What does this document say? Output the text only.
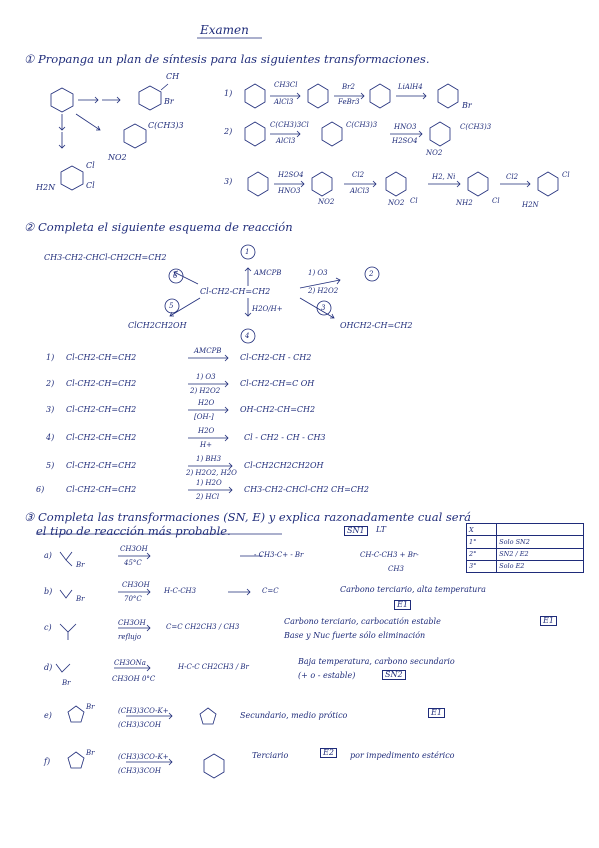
Examen
① Propanga un plan de síntesis para las siguientes transformaciones.
CH
Br
C(CH3)3
NO2
Cl
Cl
H2N
1)
CH3Cl
AlCl3
Br2
FeBr3
LiAlH4
Br
2)
C(CH3)3Cl
AlCl3
C(CH3)3 HNO3
H2SO4
C(CH3)3
NO2
3)
H2SO4
HNO3
NO2
Cl2
AlCl3
NO2 Cl
H2, Ni
NH2	Cl
Cl2
H2N
Cl
② Completa el siguiente esquema de reacción
CH3-CH2-CHCl-CH2CH=CH2
Cl-CH2-CH=CH2
1
2
3
4
5
6	AMCPB	1) O3
2) H2O2
H2O/H+
ClCH2CH2OH	OHCH2-CH=CH2
1) Cl-CH2-CH=CH2
AMCPB
Cl-CH2-CH - CH2
2) Cl-CH2-CH=CH2
1) O3
2) H2O2
Cl-CH2-CH=C OH
3) Cl-CH2-CH=CH2
H2O
[OH-]
OH-CH2-CH=CH2
4) Cl-CH2-CH=CH2
H2O
H+
Cl - CH2 - CH - CH3
5) Cl-CH2-CH=CH2
1) BH3
2) H2O2, H2O
Cl-CH2CH2CH2OH
6)	Cl-CH2-CH=CH2
1) H2O
2) HCl
CH3-CH2-CHCl-CH2 CH=CH2
③ Completa las transformaciones (SN, E) y explica razonadamente cual será
el tipo de reacción más probable.	SN1	LT	X	
1°	Solo SN2
2°	SN2 / E2
3°	Solo E2
a)
Br
CH3OH
45°C
- CH3-C+ - Br	CH-C-CH3 + Br-
CH3
b)
Br
CH3OH
70°C
H-C-CH3	C=C	Carbono terciario, alta temperatura
E1
c)	CH3OH
reflujo
C=C CH2CH3 / CH3
Carbono terciario, carbocatión estable	E1
Base y Nuc fuerte sólo eliminación
d)
Br
CH3ONa
CH3OH 0°C
H-C-C CH2CH3 / Br
Baja temperatura, carbono secundario
(+ o - estable)	SN2
e)
Br	(CH3)3CO-K+
(CH3)3COH
Secundario, medio prótico	E1
f)
Br	(CH3)3CO-K+
(CH3)3COH
Terciario	E2	por impedimento estérico
